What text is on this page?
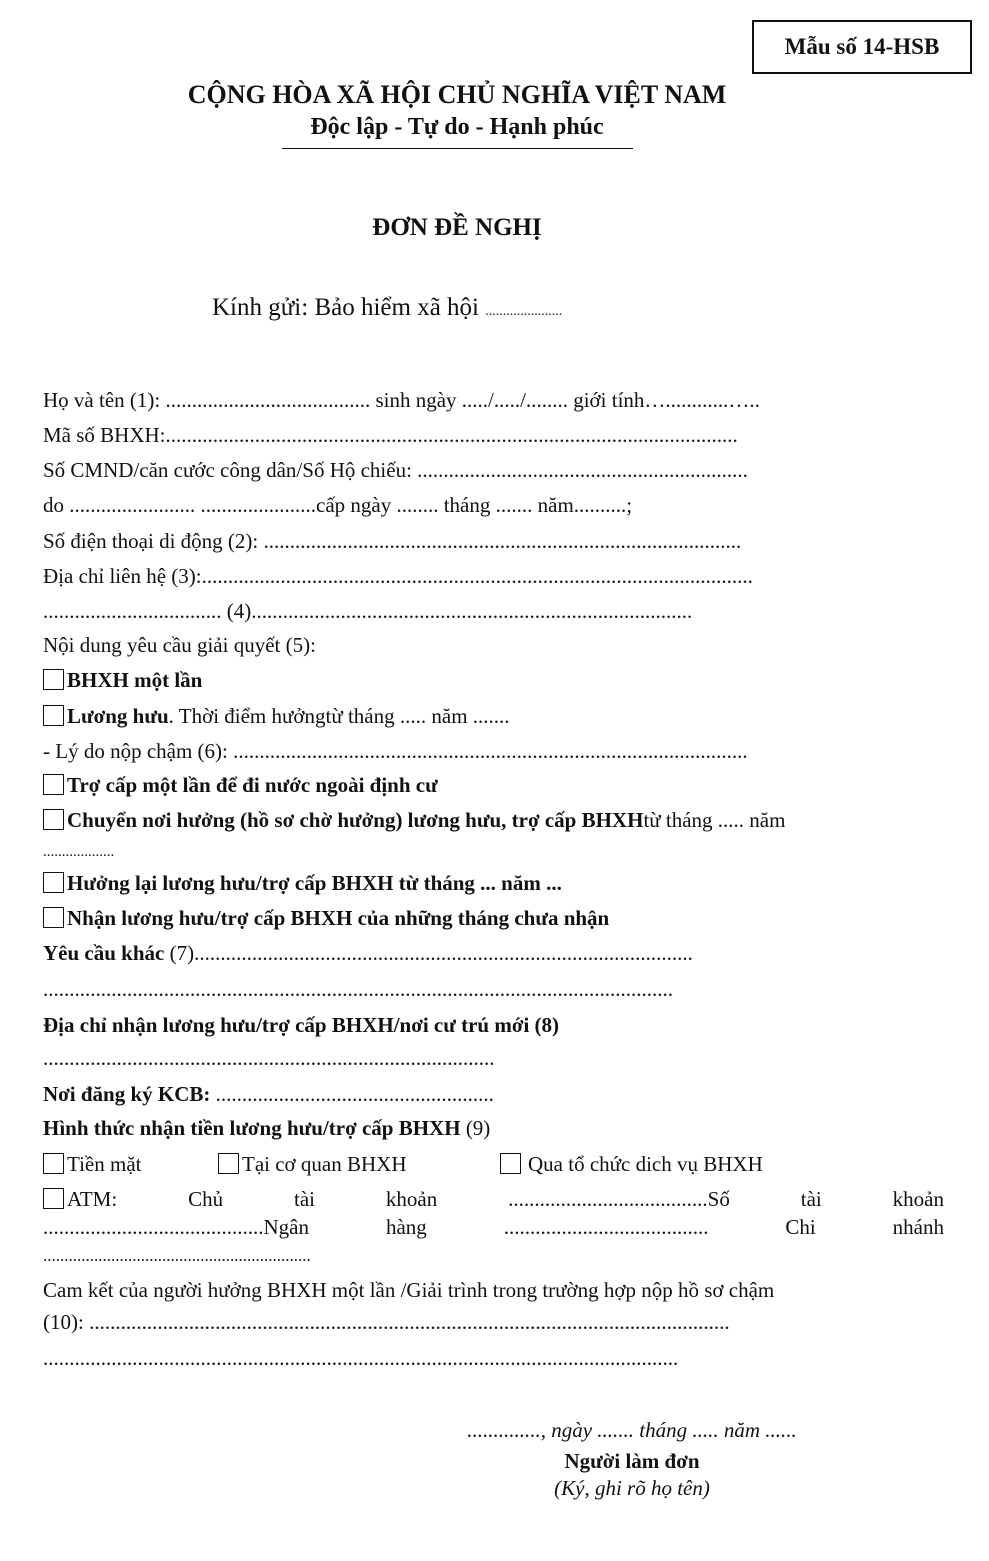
Mẫu số 14-HSB
CỘNG HÒA XÃ HỘI CHỦ NGHĨA VIỆT NAM
Độc lập - Tự do - Hạnh phúc
ĐƠN ĐỀ NGHỊ
Kính gửi: Bảo hiểm xã hội ......................
Họ và tên (1): ....................................... sinh ngày ...../...../........ giới tính…............…..
Mã số BHXH:.............................................................................................................
Số CMND/căn cước công dân/Số Hộ chiếu: ...............................................................
do ........................ ......................cấp ngày ........ tháng ....... năm..........;
Số điện thoại di động (2): ...........................................................................................
Địa chỉ liên hệ (3):.........................................................................................................
.................................. (4)....................................................................................
Nội dung yêu cầu giải quyết (5):
BHXH một lần
Lương hưu. Thời điểm hưởngtừ tháng ..... năm .......
- Lý do nộp chậm (6): ..................................................................................................
Trợ cấp một lần để đi nước ngoài định cư
Chuyển nơi hưởng (hồ sơ chờ hưởng) lương hưu, trợ cấp BHXHtừ tháng ..... năm
...................
Hưởng lại lương hưu/trợ cấp BHXH từ tháng ... năm ...
Nhận lương hưu/trợ cấp BHXH của những tháng chưa nhận
Yêu cầu khác (7)...............................................................................................
........................................................................................................................
Địa chỉ nhận lương hưu/trợ cấp BHXH/nơi cư trú mới (8)
......................................................................................
Nơi đăng ký KCB: .....................................................
Hình thức nhận tiền lương hưu/trợ cấp BHXH (9)
Tiền mặt	Tại cơ quan BHXH	Qua tổ chức dich vụ BHXH
ATM:	Chủ	tài	khoản	......................................Số	tài	khoản
..........................................Ngân	hàng	.......................................	Chi	nhánh
...............................................................
Cam kết của người hưởng BHXH một lần /Giải trình trong trường hợp nộp hồ sơ chậm
(10): ..........................................................................................................................
.........................................................................................................................
.............., ngày ....... tháng ..... năm ......
Người làm đơn
(Ký, ghi rõ họ tên)
